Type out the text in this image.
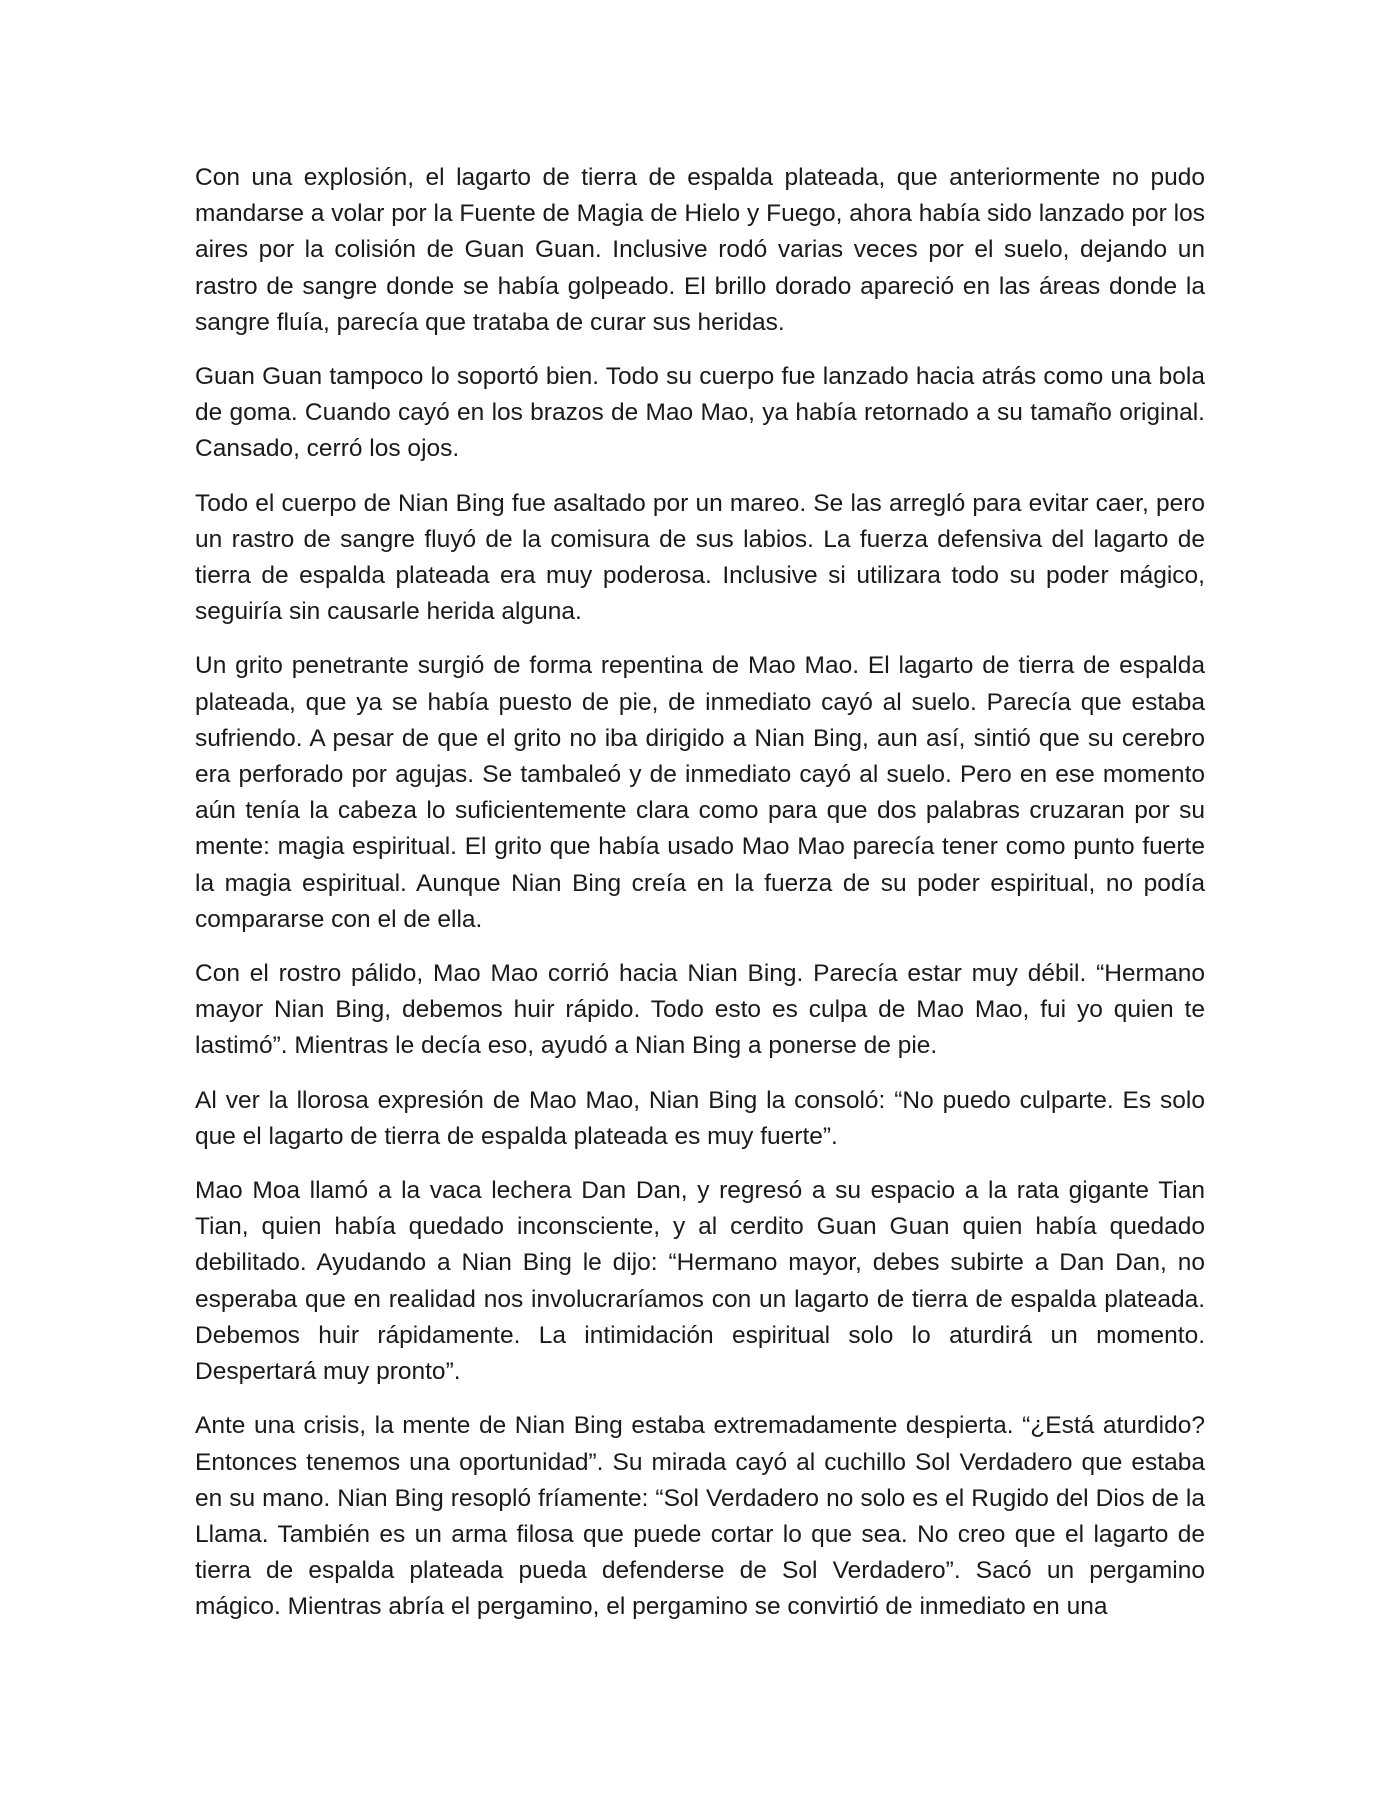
Con una explosión, el lagarto de tierra de espalda plateada, que anteriormente no pudo mandarse a volar por la Fuente de Magia de Hielo y Fuego, ahora había sido lanzado por los aires por la colisión de Guan Guan. Inclusive rodó varias veces por el suelo, dejando un rastro de sangre donde se había golpeado. El brillo dorado apareció en las áreas donde la sangre fluía, parecía que trataba de curar sus heridas.

Guan Guan tampoco lo soportó bien. Todo su cuerpo fue lanzado hacia atrás como una bola de goma. Cuando cayó en los brazos de Mao Mao, ya había retornado a su tamaño original. Cansado, cerró los ojos.

Todo el cuerpo de Nian Bing fue asaltado por un mareo. Se las arregló para evitar caer, pero un rastro de sangre fluyó de la comisura de sus labios. La fuerza defensiva del lagarto de tierra de espalda plateada era muy poderosa. Inclusive si utilizara todo su poder mágico, seguiría sin causarle herida alguna.

Un grito penetrante surgió de forma repentina de Mao Mao. El lagarto de tierra de espalda plateada, que ya se había puesto de pie, de inmediato cayó al suelo. Parecía que estaba sufriendo. A pesar de que el grito no iba dirigido a Nian Bing, aun así, sintió que su cerebro era perforado por agujas. Se tambaleó y de inmediato cayó al suelo. Pero en ese momento aún tenía la cabeza lo suficientemente clara como para que dos palabras cruzaran por su mente: magia espiritual. El grito que había usado Mao Mao parecía tener como punto fuerte la magia espiritual. Aunque Nian Bing creía en la fuerza de su poder espiritual, no podía compararse con el de ella.

Con el rostro pálido, Mao Mao corrió hacia Nian Bing. Parecía estar muy débil. “Hermano mayor Nian Bing, debemos huir rápido. Todo esto es culpa de Mao Mao, fui yo quien te lastimó”. Mientras le decía eso, ayudó a Nian Bing a ponerse de pie.

Al ver la llorosa expresión de Mao Mao, Nian Bing la consoló: “No puedo culparte. Es solo que el lagarto de tierra de espalda plateada es muy fuerte”.

Mao Moa llamó a la vaca lechera Dan Dan, y regresó a su espacio a la rata gigante Tian Tian, quien había quedado inconsciente, y al cerdito Guan Guan quien había quedado debilitado. Ayudando a Nian Bing le dijo: “Hermano mayor, debes subirte a Dan Dan, no esperaba que en realidad nos involucraríamos con un lagarto de tierra de espalda plateada. Debemos huir rápidamente. La intimidación espiritual solo lo aturdirá un momento. Despertará muy pronto”.

Ante una crisis, la mente de Nian Bing estaba extremadamente despierta. “¿Está aturdido? Entonces tenemos una oportunidad”. Su mirada cayó al cuchillo Sol Verdadero que estaba en su mano. Nian Bing resopló fríamente: “Sol Verdadero no solo es el Rugido del Dios de la Llama. También es un arma filosa que puede cortar lo que sea. No creo que el lagarto de tierra de espalda plateada pueda defenderse de Sol Verdadero”. Sacó un pergamino mágico. Mientras abría el pergamino, el pergamino se convirtió de inmediato en una
